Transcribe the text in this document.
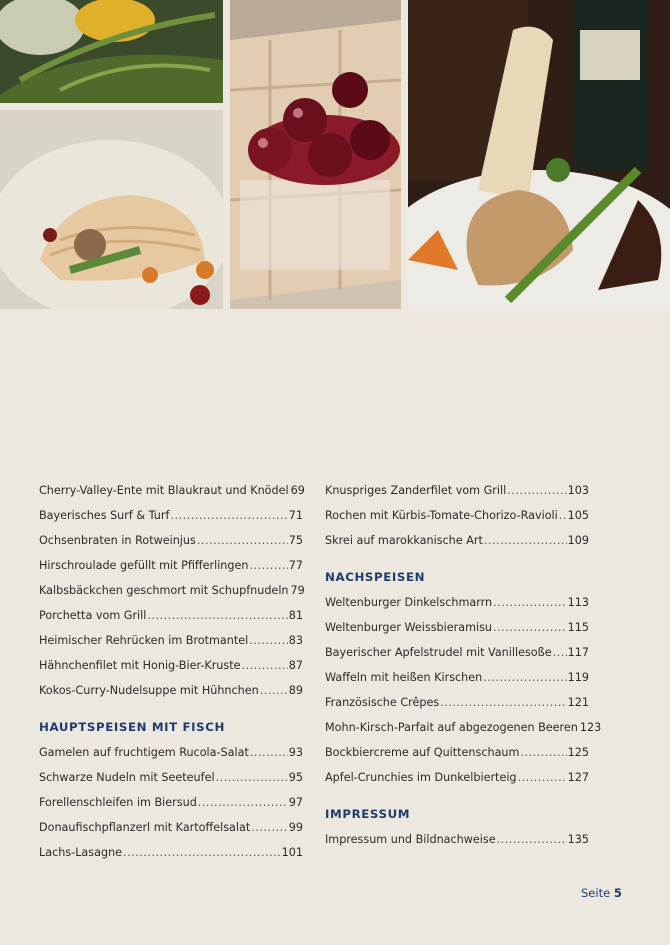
Cherry-Valley-Ente mit Blaukraut und Knödel 69
Bayerisches Surf & Turf .....	71
Ochsenbraten in Rotweinjus .....	75
Hirschroulade gefüllt mit Pfifferlingen .....	77
Kalbsbäckchen geschmort mit Schupfnudeln 79
Porchetta vom Grill .....	81
Heimischer Rehrücken im Brotmantel .....	83
Hähnchenfilet mit Honig-Bier-Kruste .....	87
Kokos-Curry-Nudelsuppe mit Hühnchen .....	89
HAUPTSPEISEN MIT FISCH
Gamelen auf fruchtigem Rucola-Salat .....	93
Schwarze Nudeln mit Seeteufel .....	95
Forellenschleifen im Biersud .....	97
Donaufischpflanzerl mit Kartoffelsalat .....	99
Lachs-Lasagne .....	101
Knuspriges Zanderfilet vom Grill .....	103
Rochen mit Kürbis-Tomate-Chorizo-Ravioli ..... 105
Skrei auf marokkanische Art .....	109
NACHSPEISEN
Weltenburger Dinkelschmarrn .....	113
Weltenburger Weissbieramisu .....	115
Bayerischer Apfelstrudel mit Vanillesoße ..... 117
Waffeln mit heißen Kirschen .....	119
Französische Crêpes .....	121
Mohn-Kirsch-Parfait auf abgezogenen Beeren 123
Bockbiercreme auf Quittenschaum .....	125
Apfel-Crunchies im Dunkelbierteig .....	127
IMPRESSUM
Impressum und Bildnachweise .....	135
Seite 5
